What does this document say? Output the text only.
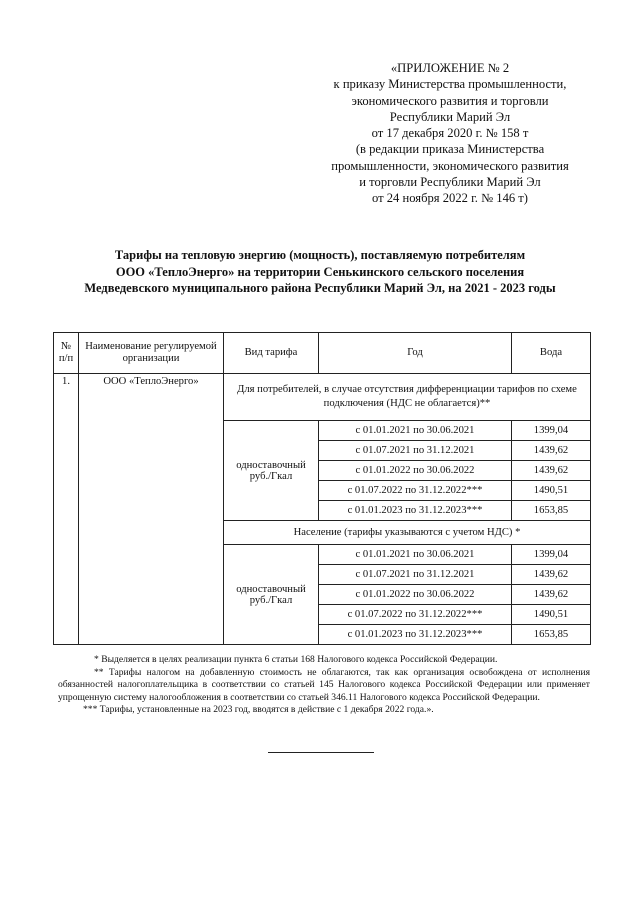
«ПРИЛОЖЕНИЕ № 2
к приказу Министерства промышленности,
экономического развития и торговли
Республики Марий Эл
от 17 декабря 2020 г. № 158 т
(в редакции приказа Министерства
промышленности, экономического развития
и торговли Республики Марий Эл
от 24 ноября 2022 г. № 146 т)
Тарифы на тепловую энергию (мощность), поставляемую потребителям
ООО «ТеплоЭнерго» на территории Сенькинского сельского поселения
Медведевского муниципального района Республики Марий Эл, на 2021 - 2023 годы
№ п/п	Наименование регулируемой организации	Вид тарифа	Год	Вода
1.	ООО «ТеплоЭнерго»	Для потребителей, в случае отсутствия дифференциации тарифов по схеме подключения (НДС не облагается)**		
		одноставочный руб./Гкал	с 01.01.2021 по 30.06.2021	1399,04
			с 01.07.2021 по 31.12.2021	1439,62
			с 01.01.2022 по 30.06.2022	1439,62
			с 01.07.2022 по 31.12.2022***	1490,51
			с 01.01.2023 по 31.12.2023***	1653,85
		Население (тарифы указываются с учетом НДС) *		
		одноставочный руб./Гкал	с 01.01.2021 по 30.06.2021	1399,04
			с 01.07.2021 по 31.12.2021	1439,62
			с 01.01.2022 по 30.06.2022	1439,62
			с 01.07.2022 по 31.12.2022***	1490,51
			с 01.01.2023 по 31.12.2023***	1653,85

* Выделяется в целях реализации пункта 6 статьи 168 Налогового кодекса Российской Федерации.

** Тарифы налогом на добавленную стоимость не облагаются, так как организация освобождена от исполнения обязанностей налогоплательщика в соответствии со статьей 145 Налогового кодекса Российской Федерации или применяет упрощенную систему налогообложения в соответствии со статьей 346.11 Налогового кодекса Российской Федерации.

*** Тарифы, установленные на 2023 год, вводятся в действие с 1 декабря 2022 года.».
